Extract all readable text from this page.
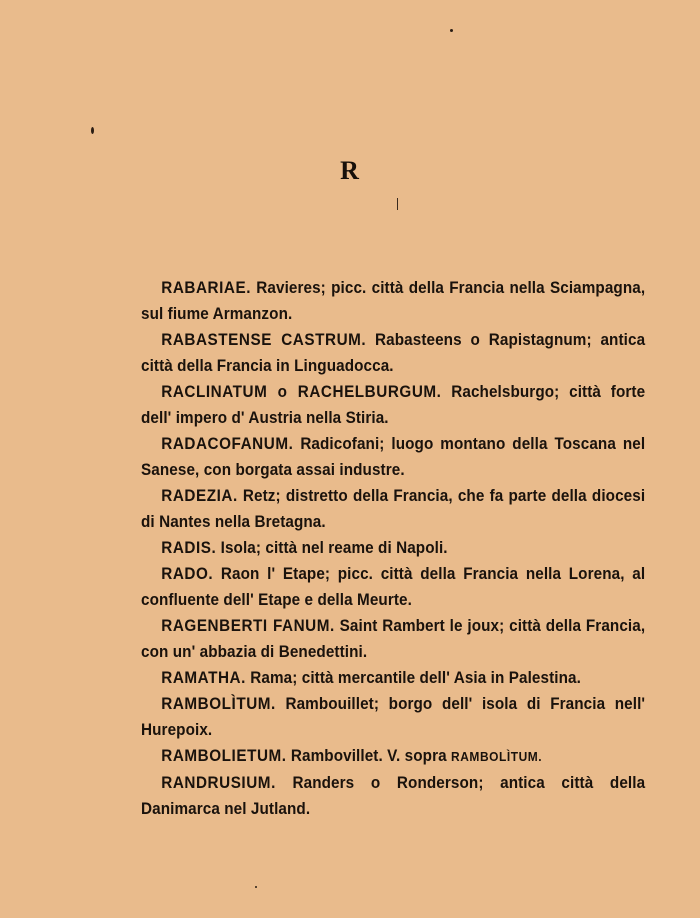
R

RABARIAE. Ravieres; picc. città della Francia nella Sciampagna, sul fiume Armanzon.

RABASTENSE CASTRUM. Rabasteens o Rapistagnum; antica città della Francia in Linguadocca.

RACLINATUM o RACHELBURGUM. Rachelsburgo; città forte dell' impero d' Austria nella Stiria.

RADACOFANUM. Radicofani; luogo montano della Toscana nel Sanese, con borgata assai industre.

RADEZIA. Retz; distretto della Francia, che fa parte della diocesi di Nantes nella Bretagna.

RADIS. Isola; città nel reame di Napoli.

RADO. Raon l' Etape; picc. città della Francia nella Lorena, al confluente dell' Etape e della Meurte.

RAGENBERTI FANUM. Saint Rambert le joux; città della Francia, con un' abbazia di Benedettini.

RAMATHA. Rama; città mercantile dell' Asia in Palestina.

RAMBOLÌTUM. Rambouillet; borgo dell' isola di Francia nell' Hurepoix.

RAMBOLIETUM. Rambovillet. V. sopra RAMBOLÌTUM.

RANDRUSIUM. Randers o Ronderson; antica città della Danimarca nel Jutland.
